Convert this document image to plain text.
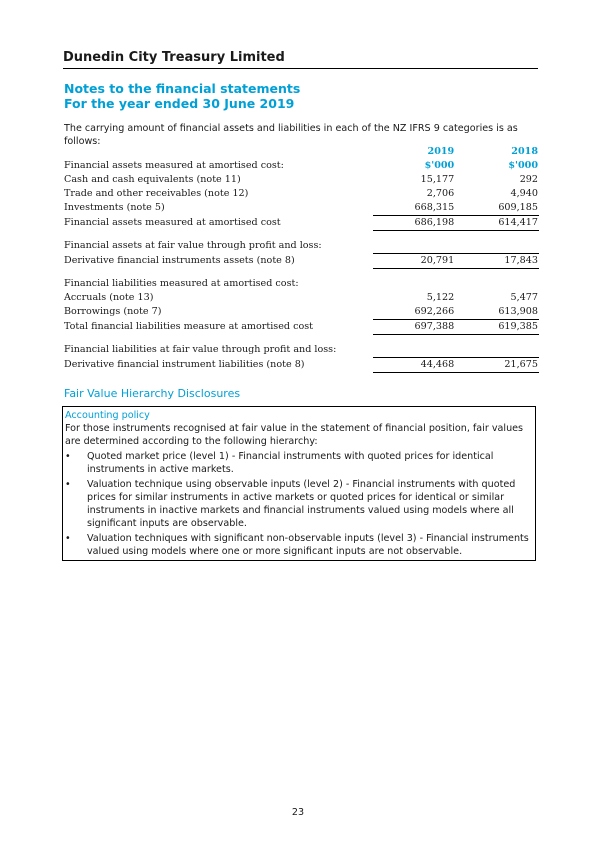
Dunedin City Treasury Limited
Notes to the financial statements
For the year ended 30 June 2019
The carrying amount of financial assets and liabilities in each of the NZ IFRS 9 categories is as follows:
	2019	2018
Financial assets measured at amortised cost:	$'000	$'000
Cash and cash equivalents (note 11)	15,177	292
Trade and other receivables (note 12)	2,706	4,940
Investments (note 5)	668,315	609,185
Financial assets measured at amortised cost	686,198	614,417

Financial assets at fair value through profit and loss:		
Derivative financial instruments assets (note 8)	20,791	17,843

Financial liabilities measured at amortised cost:		
Accruals (note 13)	5,122	5,477
Borrowings (note 7)	692,266	613,908
Total financial liabilities measure at amortised cost	697,388	619,385

Financial liabilities at fair value through profit and loss:		
Derivative financial instrument liabilities (note 8)	44,468	21,675
Fair Value Hierarchy Disclosures
Accounting policy
For those instruments recognised at fair value in the statement of financial position, fair values are determined according to the following hierarchy:
• Quoted market price (level 1) - Financial instruments with quoted prices for identical instruments in active markets.
• Valuation technique using observable inputs (level 2) - Financial instruments with quoted prices for similar instruments in active markets or quoted prices for identical or similar instruments in inactive markets and financial instruments valued using models where all significant inputs are observable.
• Valuation techniques with significant non-observable inputs (level 3) - Financial instruments valued using models where one or more significant inputs are not observable.
23
